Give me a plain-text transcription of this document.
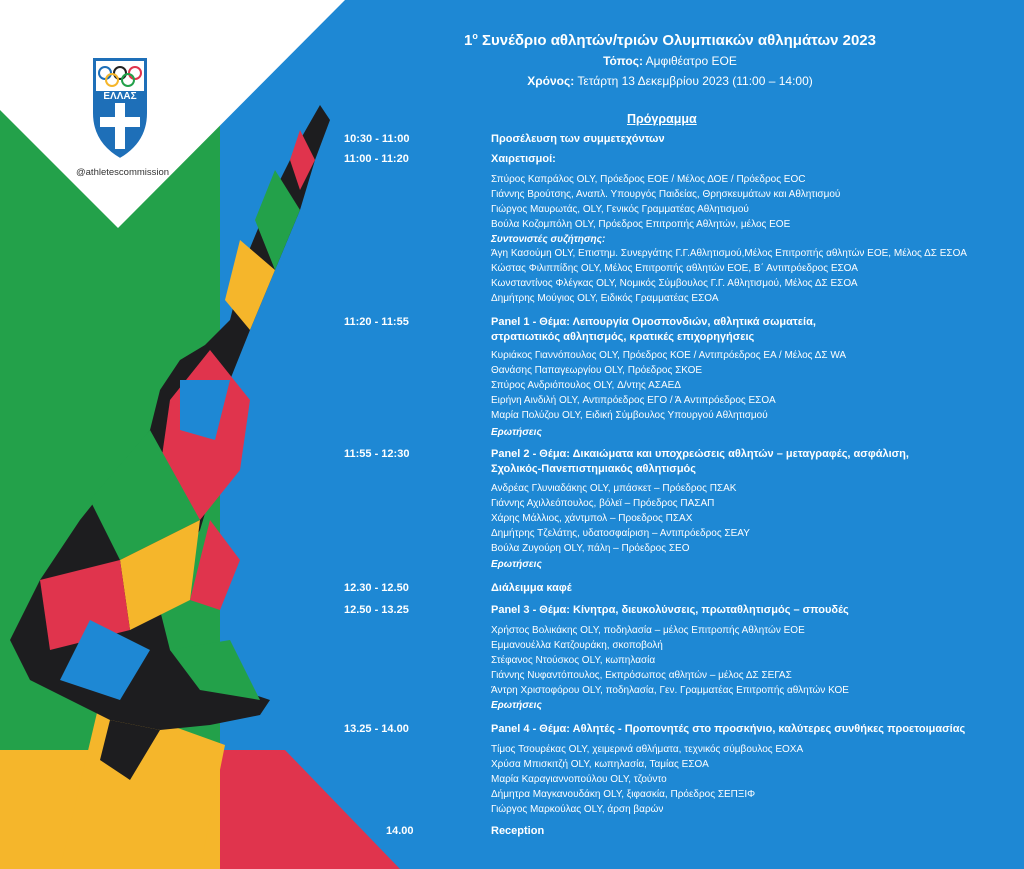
ΕΛΛΑΣ
@athletescommission
$1^o$ Συνέδριο αθλητών/τριών Ολυμπιακών αθλημάτων 2023
Τόπος: Αμφιθέατρο ΕΟΕ
Χρόνος: Τετάρτη 13 Δεκεμβρίου 2023 (11:00 – 14:00)
Πρόγραμμα
10:30 - 11:00	Προσέλευση των συμμετεχόντων
11:00 - 11:20	Χαιρετισμοί:
Σπύρος Καπράλος OLY, Πρόεδρος ΕΟΕ / Μέλος ΔΟΕ / Πρόεδρος EOC
Γιάννης Βρούτσης, Αναπλ. Υπουργός Παιδείας, Θρησκευμάτων και Αθλητισμού
Γιώργος Μαυρωτάς, OLY, Γενικός Γραμματέας Αθλητισμού
Βούλα Κοζομπόλη OLY, Πρόεδρος Επιτροπής Αθλητών, μέλος ΕΟΕ
Συντονιστές συζήτησης:
Άγη Κασούμη OLY, Επιστημ. Συνεργάτης Γ.Γ.Αθλητισμού,Μέλος Επιτροπής αθλητών ΕΟΕ, Μέλος ΔΣ ΕΣΟΑ
Κώστας Φιλιππίδης OLY, Μέλος Επιτροπής αθλητών ΕΟΕ, Β΄ Αντιπρόεδρος ΕΣΟΑ
Κωνσταντίνος Φλέγκας OLY, Νομικός Σύμβουλος Γ.Γ. Αθλητισμού, Μέλος ΔΣ ΕΣΟΑ
Δημήτρης Μούγιος OLY, Ειδικός Γραμματέας ΕΣΟΑ
11:20 - 11:55	Panel 1 - Θέμα: Λειτουργία Ομοσπονδιών, αθλητικά σωματεία,
στρατιωτικός αθλητισμός, κρατικές επιχορηγήσεις
Κυριάκος Γιαννόπουλος OLY, Πρόεδρος ΚΟΕ / Αντιπρόεδρος ΕΑ / Μέλος ΔΣ WA
Θανάσης Παπαγεωργίου OLY, Πρόεδρος ΣΚΟΕ
Σπύρος Ανδριόπουλος OLY, Δ/ντης ΑΣΑΕΔ
Ειρήνη Αινδιλή OLY, Αντιπρόεδρος ΕΓΟ / Ά Αντιπρόεδρος ΕΣΟΑ
Μαρία Πολύζου OLY, Ειδική Σύμβουλος Υπουργού Αθλητισμού
Ερωτήσεις
11:55 - 12:30	Panel 2 - Θέμα: Δικαιώματα και υποχρεώσεις αθλητών – μεταγραφές, ασφάλιση,
Σχολικός-Πανεπιστημιακός αθλητισμός
Ανδρέας Γλυνιαδάκης OLY, μπάσκετ – Πρόεδρος ΠΣΑΚ
Γιάννης Αχιλλεόπουλος, βόλεϊ – Πρόεδρος ΠΑΣΑΠ
Χάρης Μάλλιος, χάντμπολ – Προεδρος ΠΣΑΧ
Δημήτρης Τζελάτης, υδατοσφαίριση – Αντιπρόεδρος ΣΕΑΥ
Βούλα Ζυγούρη OLY, πάλη – Πρόεδρος ΣΕΟ
Ερωτήσεις
12.30 - 12.50	Διάλειμμα καφέ
12.50 - 13.25	Panel 3 - Θέμα: Κίνητρα, διευκολύνσεις, πρωταθλητισμός – σπουδές
Χρήστος Βολικάκης OLY, ποδηλασία – μέλος Επιτροπής Αθλητών ΕΟΕ
Εμμανουέλλα Κατζουράκη, σκοποβολή
Στέφανος Ντούσκος OLY, κωπηλασία
Γιάννης Νυφαντόπουλος, Εκπρόσωπος αθλητών – μέλος ΔΣ ΣΕΓΑΣ
Άντρη Χριστοφόρου OLY, ποδηλασία, Γεν. Γραμματέας Επιτροπής αθλητών ΚΟΕ
Ερωτήσεις
13.25 - 14.00	Panel 4 - Θέμα: Αθλητές - Προπονητές στο προσκήνιο, καλύτερες συνθήκες προετοιμασίας
Τίμος Τσουρέκας OLY, χειμερινά αθλήματα, τεχνικός σύμβουλος ΕΟΧΑ
Χρύσα Μπισκιτζή OLY, κωπηλασία, Ταμίας ΕΣΟΑ
Μαρία Καραγιαννοπούλου OLY, τζούντο
Δήμητρα Μαγκανουδάκη OLY, ξιφασκία, Πρόεδρος ΣΕΠΞΙΦ
Γιώργος Μαρκούλας OLY, άρση βαρών
14.00	Reception
